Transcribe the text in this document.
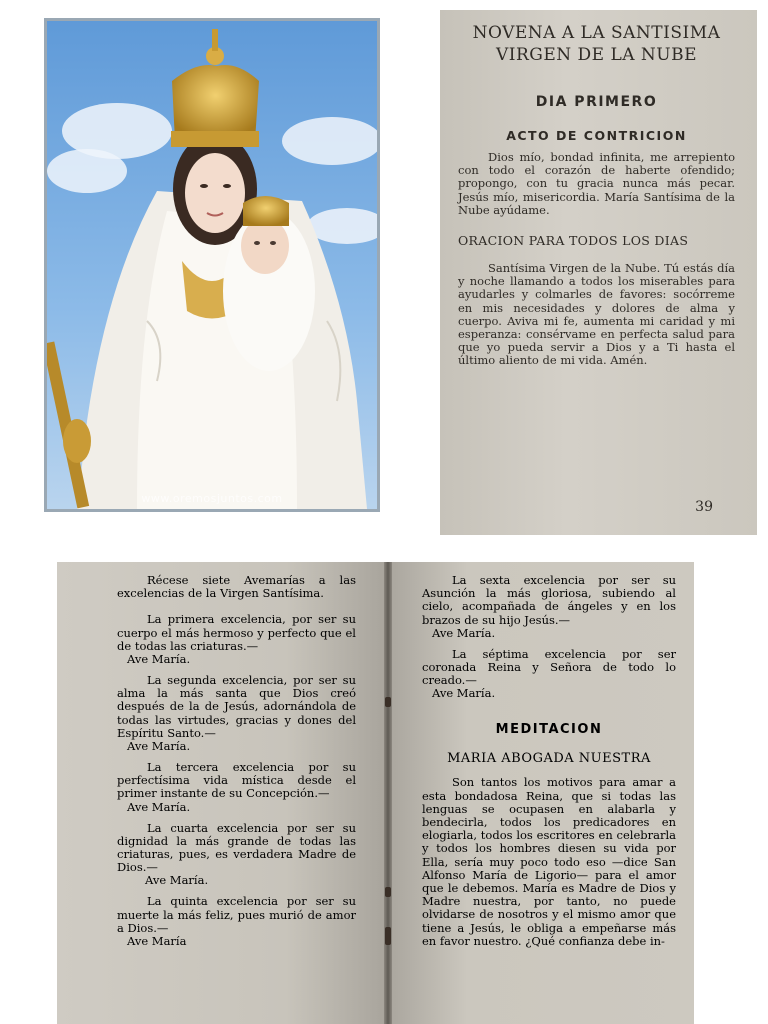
www.oremosjuntos.com
NOVENA A LA SANTISIMA
VIRGEN DE LA NUBE
DIA PRIMERO
ACTO DE CONTRICION

Dios mío, bondad infinita, me arrepiento con todo el corazón de haberte ofendido; propongo, con tu gracia nunca más pecar. Jesús mío, misericordia. María Santísima de la Nube ayúdame.

ORACION PARA TODOS LOS DIAS

Santísima Virgen de la Nube. Tú estás día y noche llamando a todos los miserables para ayudarles y colmarles de favores: socórreme en mis necesidades y dolores de alma y cuerpo. Aviva mi fe, aumenta mi caridad y mi esperanza: consérvame en perfecta salud para que yo pueda servir a Dios y a Ti hasta el último aliento de mi vida. Amén.

39

Récese siete Avemarías a las excelencias de la Virgen Santísima.

La primera excelencia, por ser su cuerpo el más hermoso y perfecto que el de todas las criaturas.—

Ave María.

La segunda excelencia, por ser su alma la más santa que Dios creó después de la de Jesús, adornándola de todas las virtudes, gracias y dones del Espíritu Santo.—

Ave María.

La tercera excelencia por su perfectísima vida mística desde el primer instante de su Concepción.—

Ave María.

La cuarta excelencia por ser su dignidad la más grande de todas las criaturas, pues, es verdadera Madre de Dios.—

Ave María.

La quinta excelencia por ser su muerte la más feliz, pues murió de amor a Dios.—

Ave María

La sexta excelencia por ser su Asunción la más gloriosa, subiendo al cielo, acompañada de ángeles y en los brazos de su hijo Jesús.—

Ave María.

La séptima excelencia por ser coronada Reina y Señora de todo lo creado.—

Ave María.
MEDITACION
MARIA ABOGADA NUESTRA

Son tantos los motivos para amar a esta bondadosa Reina, que si todas las lenguas se ocupasen en alabarla y bendecirla, todos los predicadores en elogiarla, todos los escritores en celebrarla y todos los hombres diesen su vida por Ella, sería muy poco todo eso —dice San Alfonso María de Ligorio— para el amor que le debemos. María es Madre de Dios y Madre nuestra, por tanto, no puede olvidarse de nosotros y el mismo amor que tiene a Jesús, le obliga a empeñarse más en favor nuestro. ¿Qué confianza debe in-
